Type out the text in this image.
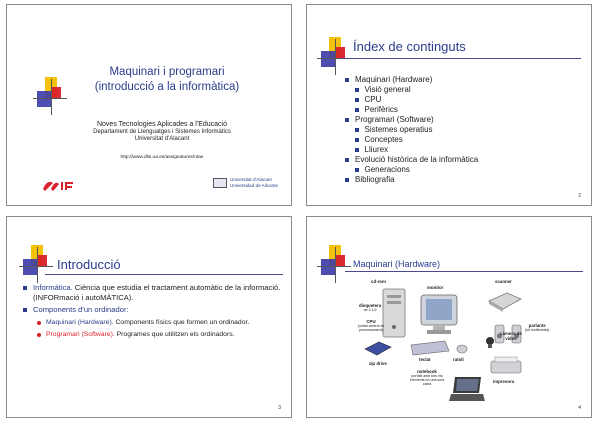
Maquinari i programari
(introducció a la informàtica)
Noves Tecnologies Aplicades a l'Educació
Departament de Llenguatges i Sistemes Informàtics
Universitat d'Alacant
http://www.dlsi.ua.es/assignatures/ntae
Universitat d'Alacant
Universidad de Alicante
Índex de continguts
Maquinari (Hardware)
Visió general
CPU
Perifèrics
Programari (Software)
Sistemes operatius
Conceptes
Lliurex
Evolució històrica de la informàtica
Generacions
Bibliografia
2
Introducció
Informàtica. Ciència que estudia el tractament automàtic de la informació. (INFORmació i autoMÀTICA).
Components d'un ordinador:
Maquinari (Hardware). Components físics que formen un ordinador.
Programari (Software). Programes que utilitzen els ordinadors.
3
Maquinari (Hardware)
cd-rom	scanner
monitor
disquetera
de 3 1/2
parlants
(kit multimèdia)
CPU
(unitat central de processament)
càmera de vídeo
teclat	ratolí
zip drive
impresora
notebook
portàtil amb tots els elements en una sola caixa
4
